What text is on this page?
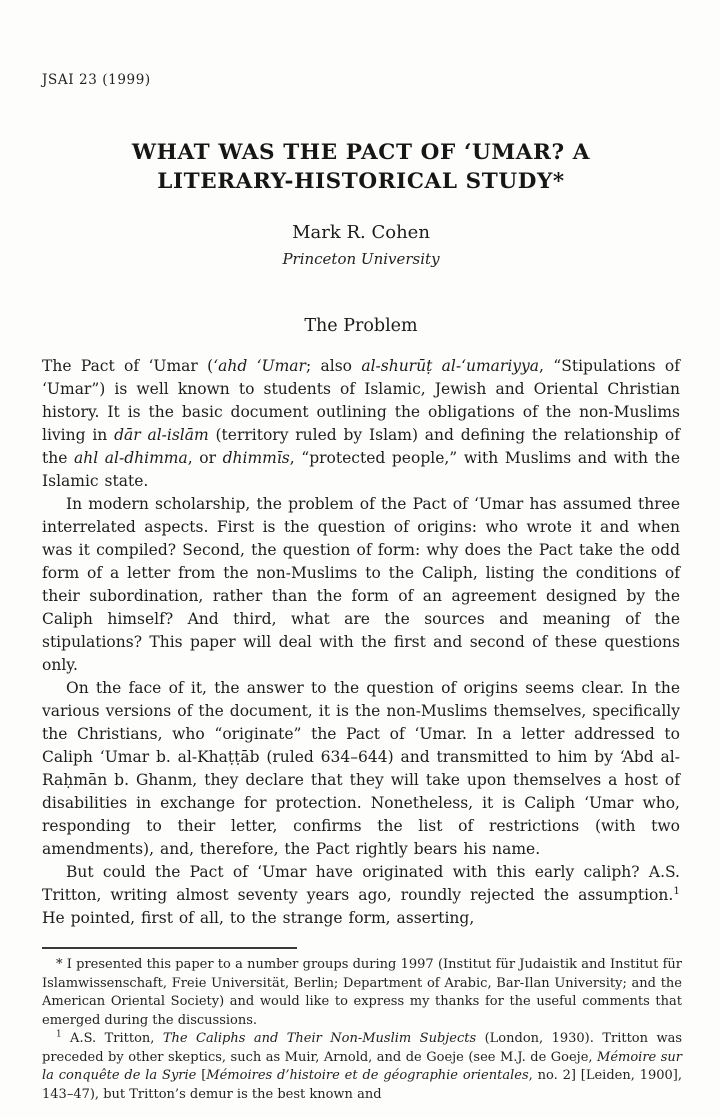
JSAI 23 (1999)
WHAT WAS THE PACT OF ‘UMAR? A
LITERARY-HISTORICAL STUDY*
Mark R. Cohen
Princeton University
The Problem

The Pact of ‘Umar (‘ahd ‘Umar; also al-shurūṭ al-‘umariyya, “Stipulations of ‘Umar”) is well known to students of Islamic, Jewish and Oriental Christian history. It is the basic document outlining the obligations of the non-Muslims living in dār al-islām (territory ruled by Islam) and defining the relationship of the ahl al-dhimma, or dhimmīs, “protected people,” with Muslims and with the Islamic state.

In modern scholarship, the problem of the Pact of ‘Umar has assumed three interrelated aspects. First is the question of origins: who wrote it and when was it compiled? Second, the question of form: why does the Pact take the odd form of a letter from the non-Muslims to the Caliph, listing the conditions of their subordination, rather than the form of an agreement designed by the Caliph himself? And third, what are the sources and meaning of the stipulations? This paper will deal with the first and second of these questions only.

On the face of it, the answer to the question of origins seems clear. In the various versions of the document, it is the non-Muslims themselves, specifically the Christians, who “originate” the Pact of ‘Umar. In a letter addressed to Caliph ‘Umar b. al-Khaṭṭāb (ruled 634–644) and transmitted to him by ‘Abd al-Raḥmān b. Ghanm, they declare that they will take upon themselves a host of disabilities in exchange for protection. Nonetheless, it is Caliph ‘Umar who, responding to their letter, confirms the list of restrictions (with two amendments), and, therefore, the Pact rightly bears his name.

But could the Pact of ‘Umar have originated with this early caliph? A.S. Tritton, writing almost seventy years ago, roundly rejected the assumption.$^1$ He pointed, first of all, to the strange form, asserting,

* I presented this paper to a number groups during 1997 (Institut für Judaistik and Institut für Islamwissenschaft, Freie Universität, Berlin; Department of Arabic, Bar-Ilan University; and the American Oriental Society) and would like to express my thanks for the useful comments that emerged during the discussions.

$^1$ A.S. Tritton, The Caliphs and Their Non-Muslim Subjects (London, 1930). Tritton was preceded by other skeptics, such as Muir, Arnold, and de Goeje (see M.J. de Goeje, Mémoire sur la conquête de la Syrie [Mémoires d’histoire et de géographie orientales, no. 2] [Leiden, 1900], 143–47), but Tritton’s demur is the best known and
